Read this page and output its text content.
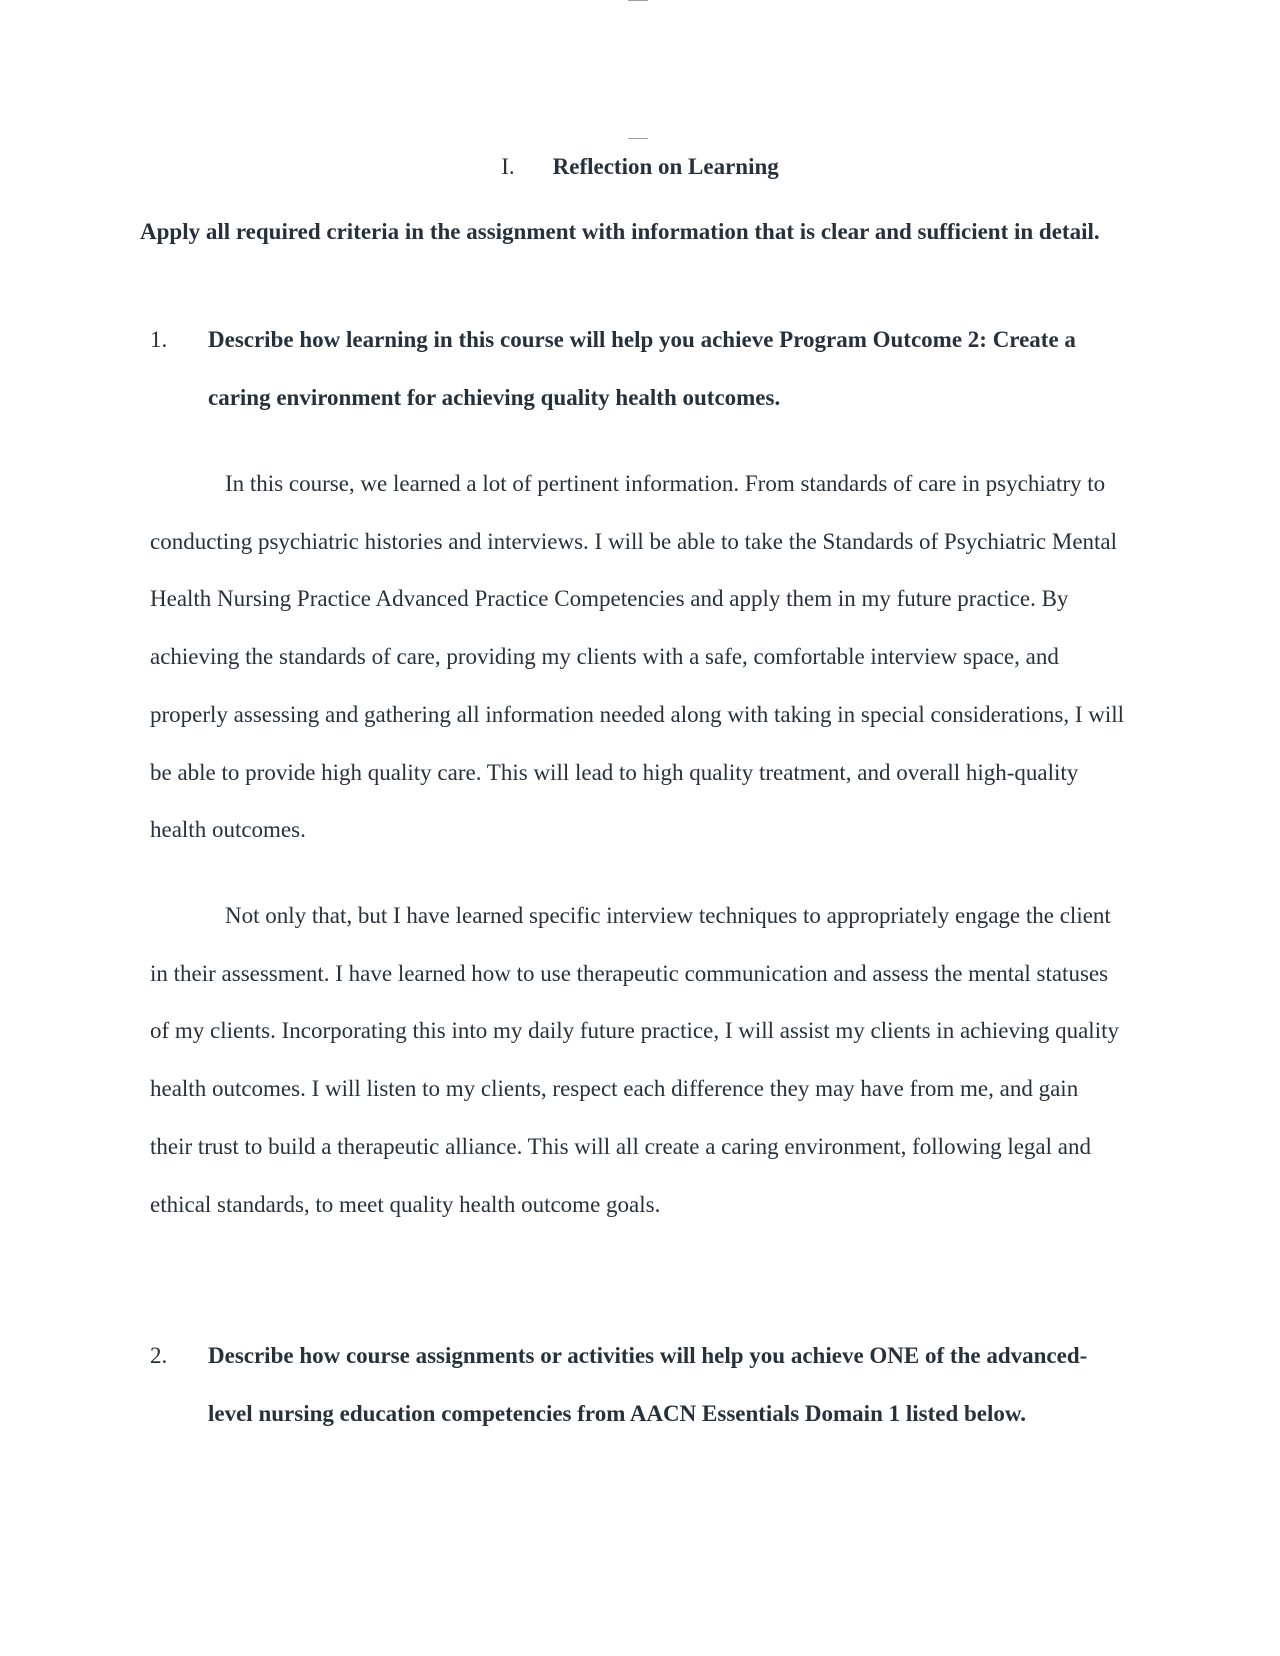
I. Reflection on Learning
Apply all required criteria in the assignment with information that is clear and sufficient in detail.
1. Describe how learning in this course will help you achieve Program Outcome 2: Create a caring environment for achieving quality health outcomes.
In this course, we learned a lot of pertinent information. From standards of care in psychiatry to conducting psychiatric histories and interviews. I will be able to take the Standards of Psychiatric Mental Health Nursing Practice Advanced Practice Competencies and apply them in my future practice. By achieving the standards of care, providing my clients with a safe, comfortable interview space, and properly assessing and gathering all information needed along with taking in special considerations, I will be able to provide high quality care. This will lead to high quality treatment, and overall high-quality health outcomes.
Not only that, but I have learned specific interview techniques to appropriately engage the client in their assessment. I have learned how to use therapeutic communication and assess the mental statuses of my clients. Incorporating this into my daily future practice, I will assist my clients in achieving quality health outcomes. I will listen to my clients, respect each difference they may have from me, and gain their trust to build a therapeutic alliance. This will all create a caring environment, following legal and ethical standards, to meet quality health outcome goals.
2. Describe how course assignments or activities will help you achieve ONE of the advanced-level nursing education competencies from AACN Essentials Domain 1 listed below.
